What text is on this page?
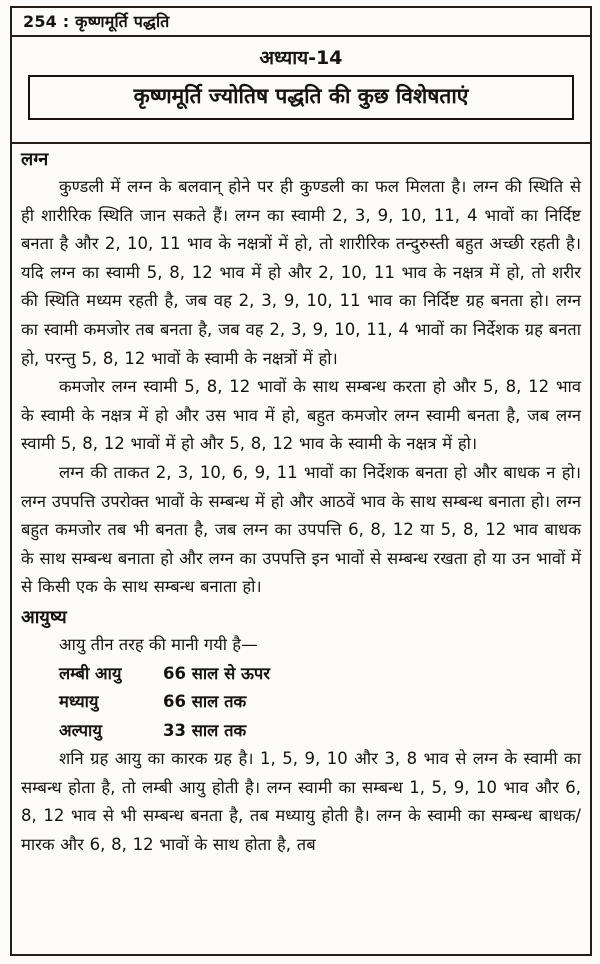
254 : कृष्णमूर्ति पद्धति
अध्याय-14
कृष्णमूर्ति ज्योतिष पद्धति की कुछ विशेषताएं
लग्न

कुण्डली में लग्न के बलवान् होने पर ही कुण्डली का फल मिलता है। लग्न की स्थिति से ही शारीरिक स्थिति जान सकते हैं। लग्न का स्वामी 2, 3, 9, 10, 11, 4 भावों का निर्दिष्ट बनता है और 2, 10, 11 भाव के नक्षत्रों में हो, तो शारीरिक तन्दुरुस्ती बहुत अच्छी रहती है। यदि लग्न का स्वामी 5, 8, 12 भाव में हो और 2, 10, 11 भाव के नक्षत्र में हो, तो शरीर की स्थिति मध्यम रहती है, जब वह 2, 3, 9, 10, 11 भाव का निर्दिष्ट ग्रह बनता हो। लग्न का स्वामी कमजोर तब बनता है, जब वह 2, 3, 9, 10, 11, 4 भावों का निर्देशक ग्रह बनता हो, परन्तु 5, 8, 12 भावों के स्वामी के नक्षत्रों में हो।

कमजोर लग्न स्वामी 5, 8, 12 भावों के साथ सम्बन्ध करता हो और 5, 8, 12 भाव के स्वामी के नक्षत्र में हो और उस भाव में हो, बहुत कमजोर लग्न स्वामी बनता है, जब लग्न स्वामी 5, 8, 12 भावों में हो और 5, 8, 12 भाव के स्वामी के नक्षत्र में हो।

लग्न की ताकत 2, 3, 10, 6, 9, 11 भावों का निर्देशक बनता हो और बाधक न हो। लग्न उपपत्ति उपरोक्त भावों के सम्बन्ध में हो और आठवें भाव के साथ सम्बन्ध बनाता हो। लग्न बहुत कमजोर तब भी बनता है, जब लग्न का उपपत्ति 6, 8, 12 या 5, 8, 12 भाव बाधक के साथ सम्बन्ध बनाता हो और लग्न का उपपत्ति इन भावों से सम्बन्ध रखता हो या उन भावों में से किसी एक के साथ सम्बन्ध बनाता हो।

आयुष्य

आयु तीन तरह की मानी गयी है—

लम्बी आयु	66 साल से ऊपर
मध्यायु	66 साल तक
अल्पायु	33 साल तक

शनि ग्रह आयु का कारक ग्रह है। 1, 5, 9, 10 और 3, 8 भाव से लग्न के स्वामी का सम्बन्ध होता है, तो लम्बी आयु होती है। लग्न स्वामी का सम्बन्ध 1, 5, 9, 10 भाव और 6, 8, 12 भाव से भी सम्बन्ध बनता है, तब मध्यायु होती है। लग्न के स्वामी का सम्बन्ध बाधक/मारक और 6, 8, 12 भावों के साथ होता है, तब
